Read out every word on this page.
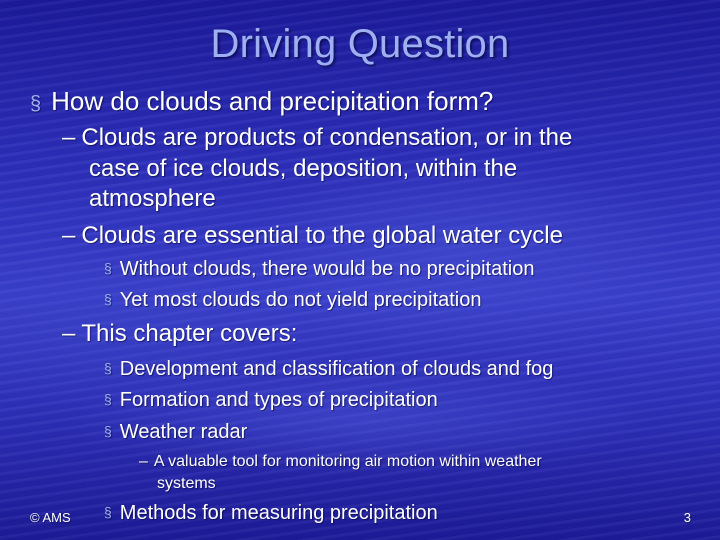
Driving Question
§ How do clouds and precipitation form?
– Clouds are products of condensation, or in the
case of ice clouds, deposition, within the
atmosphere
– Clouds are essential to the global water cycle
§ Without clouds, there would be no precipitation
§ Yet most clouds do not yield precipitation
– This chapter covers:
§ Development and classification of clouds and fog
§ Formation and types of precipitation
§ Weather radar
– A valuable tool for monitoring air motion within weather
systems
§ Methods for measuring precipitation
© AMS	3
